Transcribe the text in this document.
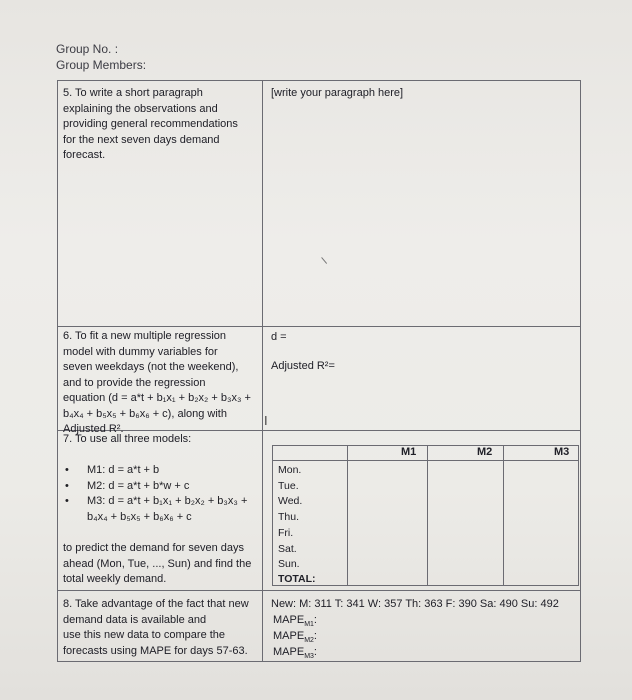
Group No. :
Group Members:
5. To write a short paragraph
explaining the observations and
providing general recommendations
for the next seven days demand
forecast.
[write your paragraph here]
6. To fit a new multiple regression
model with dummy variables for
seven weekdays (not the weekend),
and to provide the regression
equation (d = a*t + b₁x₁ + b₂x₂ + b₃x₃ +
b₄x₄ + b₅x₅ + b₆x₆ + c), along with
Adjusted R².
d =
Adjusted R²=
I
7. To use all three models:
• M1: d = a*t + b
• M2: d = a*t + b*w + c
• M3: d = a*t + b₁x₁ + b₂x₂ + b₃x₃ +
b₄x₄ + b₅x₅ + b₆x₆ + c
to predict the demand for seven days
ahead (Mon, Tue, ..., Sun) and find the
total weekly demand.
M1	M2	M3
Mon.
Tue.
Wed.
Thu.
Fri.
Sat.
Sun.
TOTAL:
8. Take advantage of the fact that new
demand data is available and
use this new data to compare the
forecasts using MAPE for days 57-63.
New: M: 311 T: 341 W: 357 Th: 363 F: 390 Sa: 490 Su: 492
$MAPE_{M1}$:
$MAPE_{M2}$:
$MAPE_{M3}$:
